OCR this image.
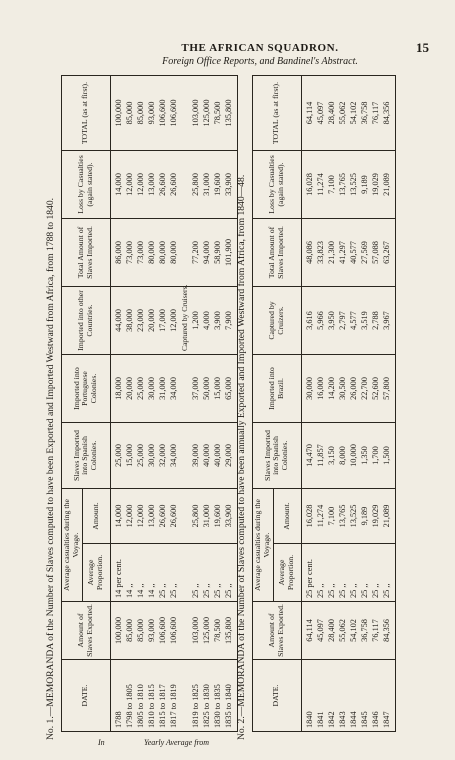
THE AFRICAN SQUADRON.	15
Foreign Office Reports, and Bandinel's Abstract.
No. 1.—MEMORANDA of the Number of Slaves computed to have been Exported and Imported Westward from Africa, from 1788 to 1840.
Yearly Average from
In
DATE.	Amount of Slaves Exported.	Average casualties during the Voyage.		Slaves Imported into Spanish Colonies.	Imported into Portuguese Colonies.	Imported into other Countries.	Total Amount of Slaves Imported.	Loss by Casualties (again stated).	TOTAL (as at first).
		Average Proportion.	Amount.						
1788	100,000	14 per cent.	14,000	25,000	18,000	44,000	86,000	14,000	100,000
1798 to 1805	85,000	14 ,,	12,000	15,000	20,000	38,000	73,000	12,000	85,000
1805 to 1810	85,000	14 ,,	12,000	25,000	25,000	23,000	73,000	12,000	85,000
1810 to 1815	93,000	14 ,,	13,000	30,000	30,000	20,000	80,000	13,000	93,000
1815 to 1817	106,600	25 ,,	26,600	32,000	31,000	17,000	80,000	26,600	106,600
1817 to 1819	106,600	25 ,,	26,600	34,000	34,000	12,000	80,000	26,600	106,600
						Captured by Cruisers.			
1819 to 1825	103,000	25 ,,	25,800	39,000	37,000	1,200	77,200	25,800	103,000
1825 to 1830	125,000	25 ,,	31,000	40,000	50,000	4,000	94,000	31,000	125,000
1830 to 1835	78,500	25 ,,	19,600	40,000	15,000	3,900	58,900	19,600	78,500
1835 to 1840	135,800	25 ,,	33,900	29,000	65,000	7,900	101,900	33,900	135,800
No. 2.—MEMORANDA of the Number of Slaves computed to have been annually Exported and Imported Westward from Africa, from 1840—48.	DATE.	Amount of Slaves Exported.	Average casualties during the Voyage.		Slaves Imported into Spanish Colonies.	Imported into Brazil.	Captured by Cruizers.	Total Amount of Slaves Imported.	Loss by Casualties (again stated).	TOTAL (as at first).
		Average Proportion.	Amount.						
1840	64,114	25 per cent.	16,028	14,470	30,000	3,616	48,086	16,028	64,114
1841	45,097	25 ,,	11,274	11,857	16,000	5,966	33,823	11,274	45,097
1842	28,400	25 ,,	7,100	3,150	14,200	3,950	21,300	7,100	28,400
1843	55,062	25 ,,	13,765	8,000	30,500	2,797	41,297	13,765	55,062
1844	54,102	25 ,,	13,525	10,000	26,000	4,577	40,577	13,525	54,102
1845	36,758	25 ,,	9,189	1,350	22,700	3,519	27,569	9,189	36,758
1846	76,117	25 ,,	19,029	1,700	52,600	2,788	57,088	19,029	76,117
1847	84,356	25 ,,	21,089	1,500	57,800	3,967	63,267	21,089	84,356
